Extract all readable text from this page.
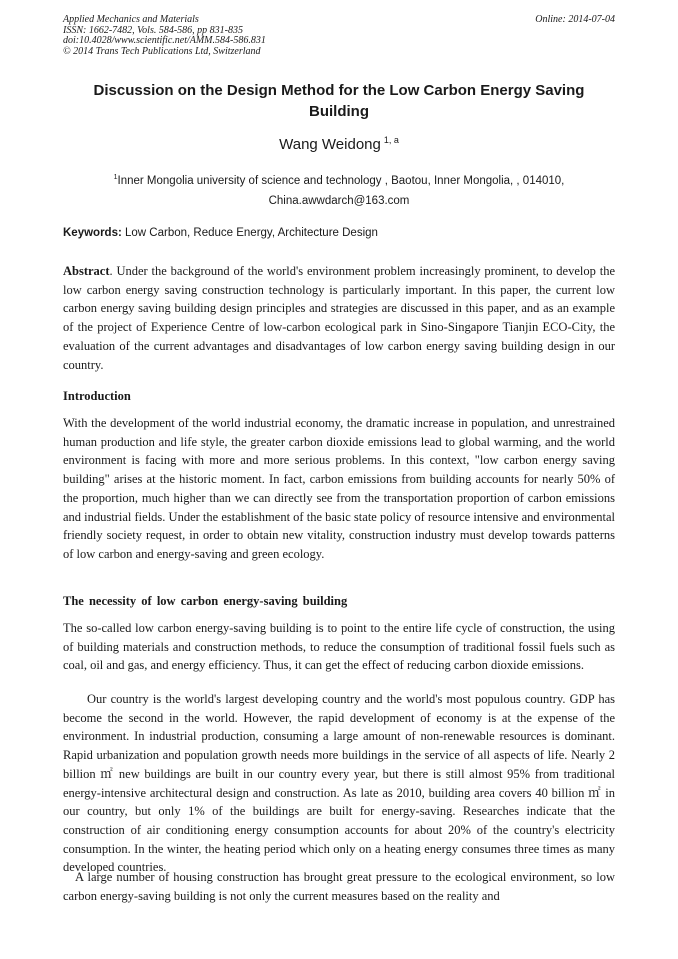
Applied Mechanics and Materials
ISSN: 1662-7482, Vols. 584-586, pp 831-835
doi:10.4028/www.scientific.net/AMM.584-586.831
© 2014 Trans Tech Publications Ltd, Switzerland
Online: 2014-07-04
Discussion on the Design Method for the Low Carbon Energy Saving Building
Wang Weidong $^{1, a}$
$^1$Inner Mongolia university of science and technology , Baotou, Inner Mongolia, , 014010,
China.awwdarch@163.com
Keywords: Low Carbon, Reduce Energy, Architecture Design
Abstract. Under the background of the world's environment problem increasingly prominent, to develop the low carbon energy saving construction technology is particularly important. In this paper, the current low carbon energy saving building design principles and strategies are discussed in this paper, and as an example of the project of Experience Centre of low-carbon ecological park in Sino-Singapore Tianjin ECO-City, the evaluation of the current advantages and disadvantages of low carbon energy saving building design in our country.
Introduction
With the development of the world industrial economy, the dramatic increase in population, and unrestrained human production and life style, the greater carbon dioxide emissions lead to global warming, and the world environment is facing with more and more serious problems. In this context, "low carbon energy saving building" arises at the historic moment. In fact, carbon emissions from building accounts for nearly 50% of the proportion, much higher than we can directly see from the transportation proportion of carbon emissions and industrial fields. Under the establishment of the basic state policy of resource intensive and environmental friendly society request, in order to obtain new vitality, construction industry must develop towards patterns of low carbon and energy-saving and green ecology.
The necessity of low carbon energy-saving building
The so-called low carbon energy-saving building is to point to the entire life cycle of construction, the using of building materials and construction methods, to reduce the consumption of traditional fossil fuels such as coal, oil and gas, and energy efficiency. Thus, it can get the effect of reducing carbon dioxide emissions.
Our country is the world's largest developing country and the world's most populous country. GDP has become the second in the world. However, the rapid development of economy is at the expense of the environment. In industrial production, consuming a large amount of non-renewable resources is dominant. Rapid urbanization and population growth needs more buildings in the service of all aspects of life. Nearly 2 billion ㎡ new buildings are built in our country every year, but there is still almost 95% from traditional energy-intensive architectural design and construction. As late as 2010, building area covers 40 billion ㎡ in our country, but only 1% of the buildings are built for energy-saving. Researches indicate that the construction of air conditioning energy consumption accounts for about 20% of the country's electricity consumption. In the winter, the heating period which only on a heating energy consumes three times as many developed countries.
A large number of housing construction has brought great pressure to the ecological environment, so low carbon energy-saving building is not only the current measures based on the reality and
